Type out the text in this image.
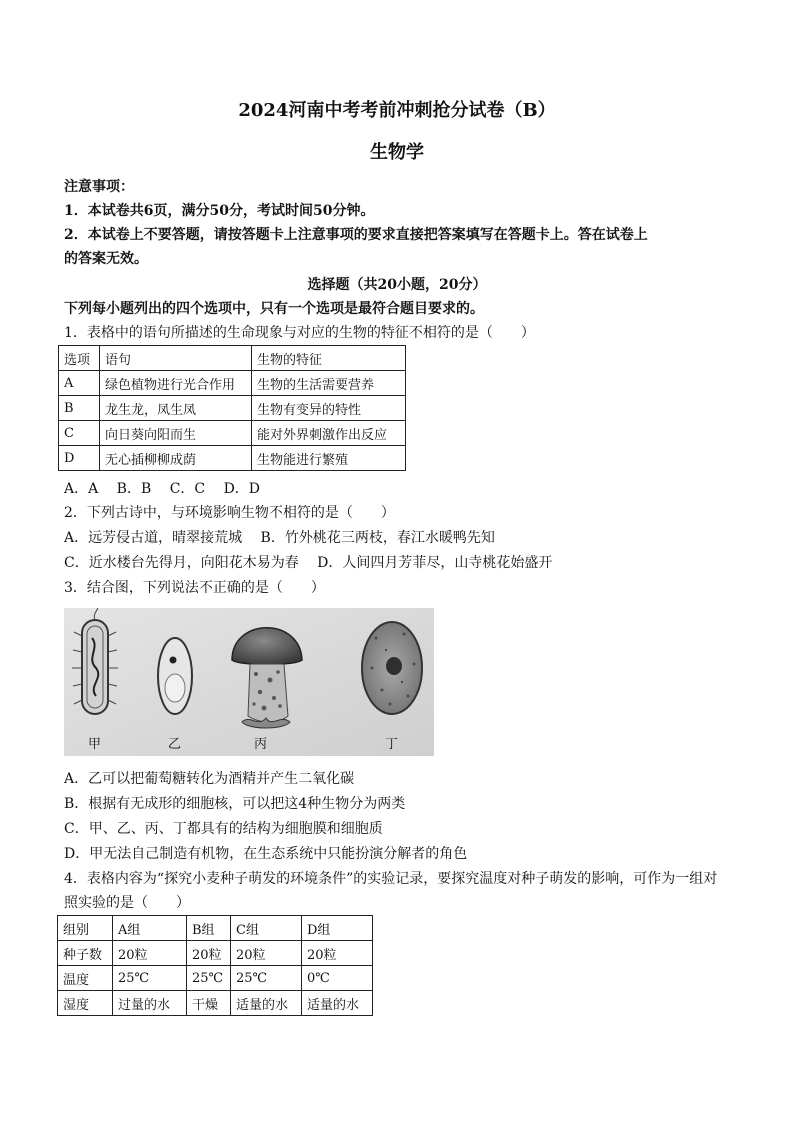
2024河南中考考前冲刺抢分试卷（B）
生物学
注意事项：
1．本试卷共6页，满分50分，考试时间50分钟。
2．本试卷上不要答题，请按答题卡上注意事项的要求直接把答案填写在答题卡上。答在试卷上
的答案无效。
选择题（共20小题，20分）
下列每小题列出的四个选项中，只有一个选项是最符合题目要求的。
1．表格中的语句所描述的生命现象与对应的生物的特征不相符的是（　　）
选项	语句	生物的特征
A	绿色植物进行光合作用	生物的生活需要营养
B	龙生龙，凤生凤	生物有变异的特性
C	向日葵向阳而生	能对外界刺激作出反应
D	无心插柳柳成荫	生物能进行繁殖
A．A　 B．B　 C．C　 D．D
2．下列古诗中，与环境影响生物不相符的是（　　）
A．远芳侵古道，晴翠接荒城　 B．竹外桃花三两枝，春江水暖鸭先知
C．近水楼台先得月，向阳花木易为春　 D．人间四月芳菲尽，山寺桃花始盛开
3．结合图，下列说法不正确的是（　　）
甲	乙	丙	丁
A．乙可以把葡萄糖转化为酒精并产生二氧化碳
B．根据有无成形的细胞核，可以把这4种生物分为两类
C．甲、乙、丙、丁都具有的结构为细胞膜和细胞质
D．甲无法自己制造有机物，在生态系统中只能扮演分解者的角色
4．表格内容为“探究小麦种子萌发的环境条件”的实验记录，要探究温度对种子萌发的影响，可作为一组对
照实验的是（　　）
组别	A组	B组	C组	D组
种子数	20粒	20粒	20粒	20粒
温度	25℃	25℃	25℃	0℃
湿度	过量的水	干燥	适量的水	适量的水
